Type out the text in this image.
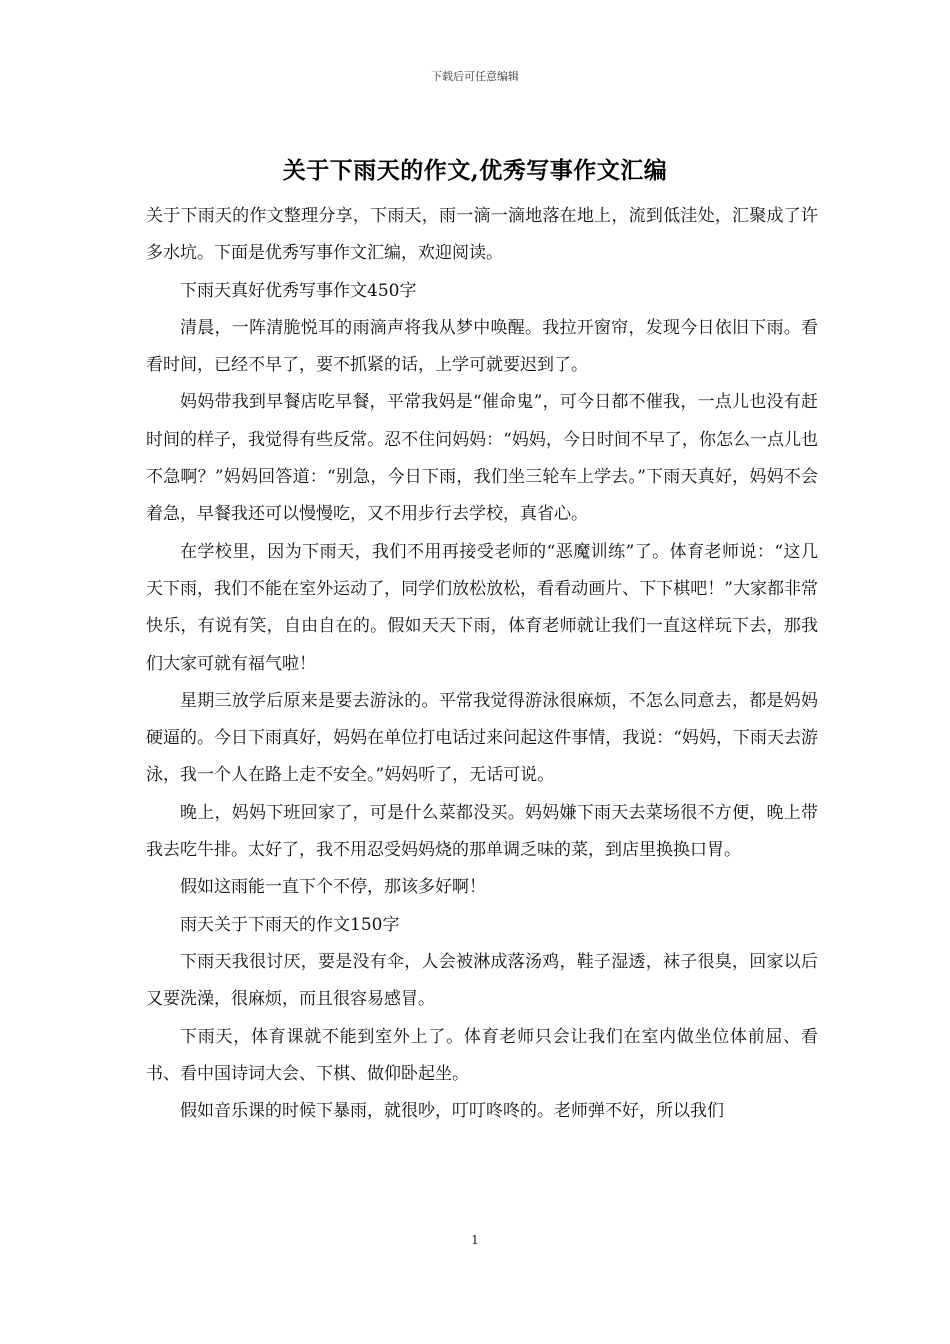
下载后可任意编辑
关于下雨天的作文,优秀写事作文汇编

关于下雨天的作文整理分享，下雨天，雨一滴一滴地落在地上，流到低洼处，汇聚成了许多水坑。下面是优秀写事作文汇编，欢迎阅读。

下雨天真好优秀写事作文450字

清晨，一阵清脆悦耳的雨滴声将我从梦中唤醒。我拉开窗帘，发现今日依旧下雨。看看时间，已经不早了，要不抓紧的话，上学可就要迟到了。

妈妈带我到早餐店吃早餐，平常我妈是“催命鬼”，可今日都不催我，一点儿也没有赶时间的样子，我觉得有些反常。忍不住问妈妈：“妈妈，今日时间不早了，你怎么一点儿也不急啊？”妈妈回答道：“别急，今日下雨，我们坐三轮车上学去。”下雨天真好，妈妈不会着急，早餐我还可以慢慢吃，又不用步行去学校，真省心。

在学校里，因为下雨天，我们不用再接受老师的“恶魔训练”了。体育老师说：“这几天下雨，我们不能在室外运动了，同学们放松放松，看看动画片、下下棋吧！”大家都非常快乐，有说有笑，自由自在的。假如天天下雨，体育老师就让我们一直这样玩下去，那我们大家可就有福气啦！

星期三放学后原来是要去游泳的。平常我觉得游泳很麻烦，不怎么同意去，都是妈妈硬逼的。今日下雨真好，妈妈在单位打电话过来问起这件事情，我说：“妈妈，下雨天去游泳，我一个人在路上走不安全。”妈妈听了，无话可说。

晚上，妈妈下班回家了，可是什么菜都没买。妈妈嫌下雨天去菜场很不方便，晚上带我去吃牛排。太好了，我不用忍受妈妈烧的那单调乏味的菜，到店里换换口胃。

假如这雨能一直下个不停，那该多好啊！

雨天关于下雨天的作文150字

下雨天我很讨厌，要是没有伞，人会被淋成落汤鸡，鞋子湿透，袜子很臭，回家以后又要洗澡，很麻烦，而且很容易感冒。

下雨天，体育课就不能到室外上了。体育老师只会让我们在室内做坐位体前屈、看书、看中国诗词大会、下棋、做仰卧起坐。

假如音乐课的时候下暴雨，就很吵，叮叮咚咚的。老师弹不好，所以我们

1
